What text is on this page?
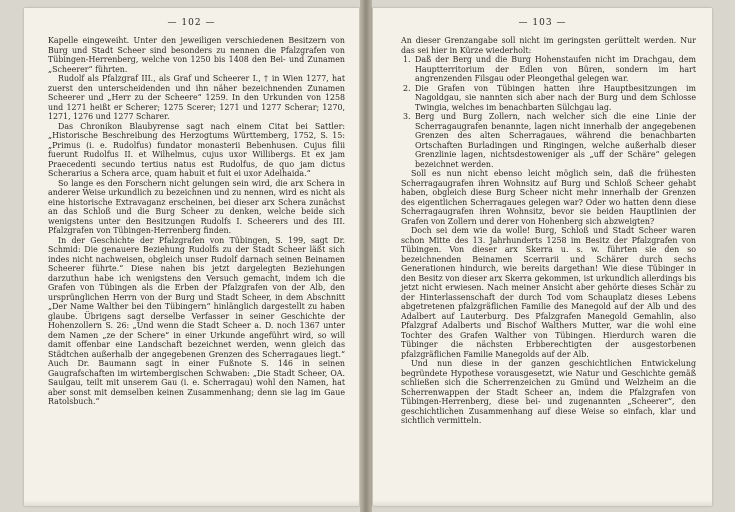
— 102 —

Kapelle eingeweiht. Unter den jeweiligen verschiedenen Besitzern von Burg und Stadt Scheer sind besonders zu nennen die Pfalzgrafen von Tübingen-Herrenberg, welche von 1250 bis 1408 den Bei- und Zunamen „Scheerer“ führten.

Rudolf als Pfalzgraf III., als Graf und Scheerer I., † in Wien 1277, hat zuerst den unterscheidenden und ihn näher bezeichnenden Zunamen Scheerer und „Herr zu der Scheere“ 1259. In den Urkunden von 1258 und 1271 heißt er Scherer; 1275 Scerer; 1271 und 1277 Scherar; 1270, 1271, 1276 und 1277 Scharer.

Das Chronikon Blaubyrense sagt nach einem Citat bei Sattler: „Historische Beschreibung des Herzogtums Württemberg, 1752, S. 15: „Primus (i. e. Rudolfus) fundator monasterii Bebenhusen. Cujus filii fuerunt Rudolfus II. et Wilhelmus, cujus uxor Willibergs. Et ex jam Praecedenti secundo tertius natus est Rudolfus, de quo jam dictus Scherarius a Schera arce, quam habuit et fuit ei uxor Adelhaida.“

So lange es den Forschern nicht gelungen sein wird, die arx Schera in anderer Weise urkundlich zu bezeichnen und zu nennen, wird es nicht als eine historische Extravaganz erscheinen, bei dieser arx Schera zunächst an das Schloß und die Burg Scheer zu denken, welche beide sich wenigstens unter den Besitzungen Rudolfs I. Scheerers und des III. Pfalzgrafen von Tübingen-Herrenberg finden.

In der Geschichte der Pfalzgrafen von Tübingen, S. 199, sagt Dr. Schmid: Die genauere Beziehung Rudolfs zu der Stadt Scheer läßt sich indes nicht nachweisen, obgleich unser Rudolf darnach seinen Beinamen Scheerer führte.“ Diese nahen bis jetzt dargelegten Beziehungen darzuthun habe ich wenigstens den Versuch gemacht, indem ich die Grafen von Tübingen als die Erben der Pfalzgrafen von der Alb, den ursprünglichen Herrn von der Burg und Stadt Scheer, in dem Abschnitt „Der Name Walther bei den Tübingern“ hinlänglich dargestellt zu haben glaube. Übrigens sagt derselbe Verfasser in seiner Geschichte der Hohenzollern S. 26: „Und wenn die Stadt Scheer a. D. noch 1367 unter dem Namen „ze der Schere“ in einer Urkunde angeführt wird, so will damit offenbar eine Landschaft bezeichnet werden, wenn gleich das Städtchen außerhalb der angegebenen Grenzen des Scherragaues liegt.“ Auch Dr. Baumann sagt in einer Fußnote S. 146 in seinen Gaugrafschaften im wirtembergischen Schwaben: „Die Stadt Scheer, OA. Saulgau, teilt mit unserem Gau (i. e. Scherragau) wohl den Namen, hat aber sonst mit demselben keinen Zusammenhang; denn sie lag im Gaue Ratolsbuch.“

— 103 —

An dieser Grenzangabe soll nicht im geringsten gerüttelt werden. Nur das sei hier in Kürze wiederholt:

1. Daß der Berg und die Burg Hohenstaufen nicht im Drachgau, dem Hauptterritorium der Edlen von Büren, sondern im hart angrenzenden Filsgau oder Pleongethal gelegen war.
2. Die Grafen von Tübingen hatten ihre Hauptbesitzungen im Nagoldgau, sie nannten sich aber nach der Burg und dem Schlosse Twingia, welches im benachbarten Sülchgau lag.
3. Berg und Burg Zollern, nach welcher sich die eine Linie der Scherragaugrafen benannte, lagen nicht innerhalb der angegebenen Grenzen des alten Scherragaues, während die benachbarten Ortschaften Burladingen und Ringingen, welche außerhalb dieser Grenzlinie lagen, nichtsdestoweniger als „uff der Schäre“ gelegen bezeichnet werden.

Soll es nun nicht ebenso leicht möglich sein, daß die frühesten Scherragaugrafen ihren Wohnsitz auf Burg und Schloß Scheer gehabt haben, obgleich diese Burg Scheer nicht mehr innerhalb der Grenzen des eigentlichen Scherragaues gelegen war? Oder wo hatten denn diese Scherragaugrafen ihren Wohnsitz, bevor sie beiden Hauptlinien der Grafen von Zollern und derer von Hohenberg sich abzweigten?

Doch sei dem wie da wolle! Burg, Schloß und Stadt Scheer waren schon Mitte des 13. Jahrhunderts 1258 im Besitz der Pfalzgrafen von Tübingen. Von dieser arx Skerra u. s. w. führten sie den so bezeichnenden Beinamen Scerrarii und Schärer durch sechs Generationen hindurch, wie bereits dargethan! Wie diese Tübinger in den Besitz von dieser arx Skerra gekommen, ist urkundlich allerdings bis jetzt nicht erwiesen. Nach meiner Ansicht aber gehörte dieses Schär zu der Hinterlassenschaft der durch Tod vom Schauplatz dieses Lebens abgetretenen pfalzgräflichen Familie des Manegold auf der Alb und des Adalbert auf Lauterburg. Des Pfalzgrafen Manegold Gemahlin, also Pfalzgraf Adalberts und Bischof Walthers Mutter, war die wohl eine Tochter des Grafen Walther von Tübingen. Hierdurch waren die Tübinger die nächsten Erbberechtigten der ausgestorbenen pfalzgräflichen Familie Manegolds auf der Alb.

Und nun diese in der ganzen geschichtlichen Entwickelung begründete Hypothese vorausgesetzt, wie Natur und Geschichte gemäß schließen sich die Scherrenzeichen zu Gmünd und Welzheim an die Scherrenwappen der Stadt Scheer an, indem die Pfalzgrafen von Tübingen-Herrenberg, diese bei- und zugenannten „Scheerer“, den geschichtlichen Zusammenhang auf diese Weise so einfach, klar und sichtlich vermitteln.
